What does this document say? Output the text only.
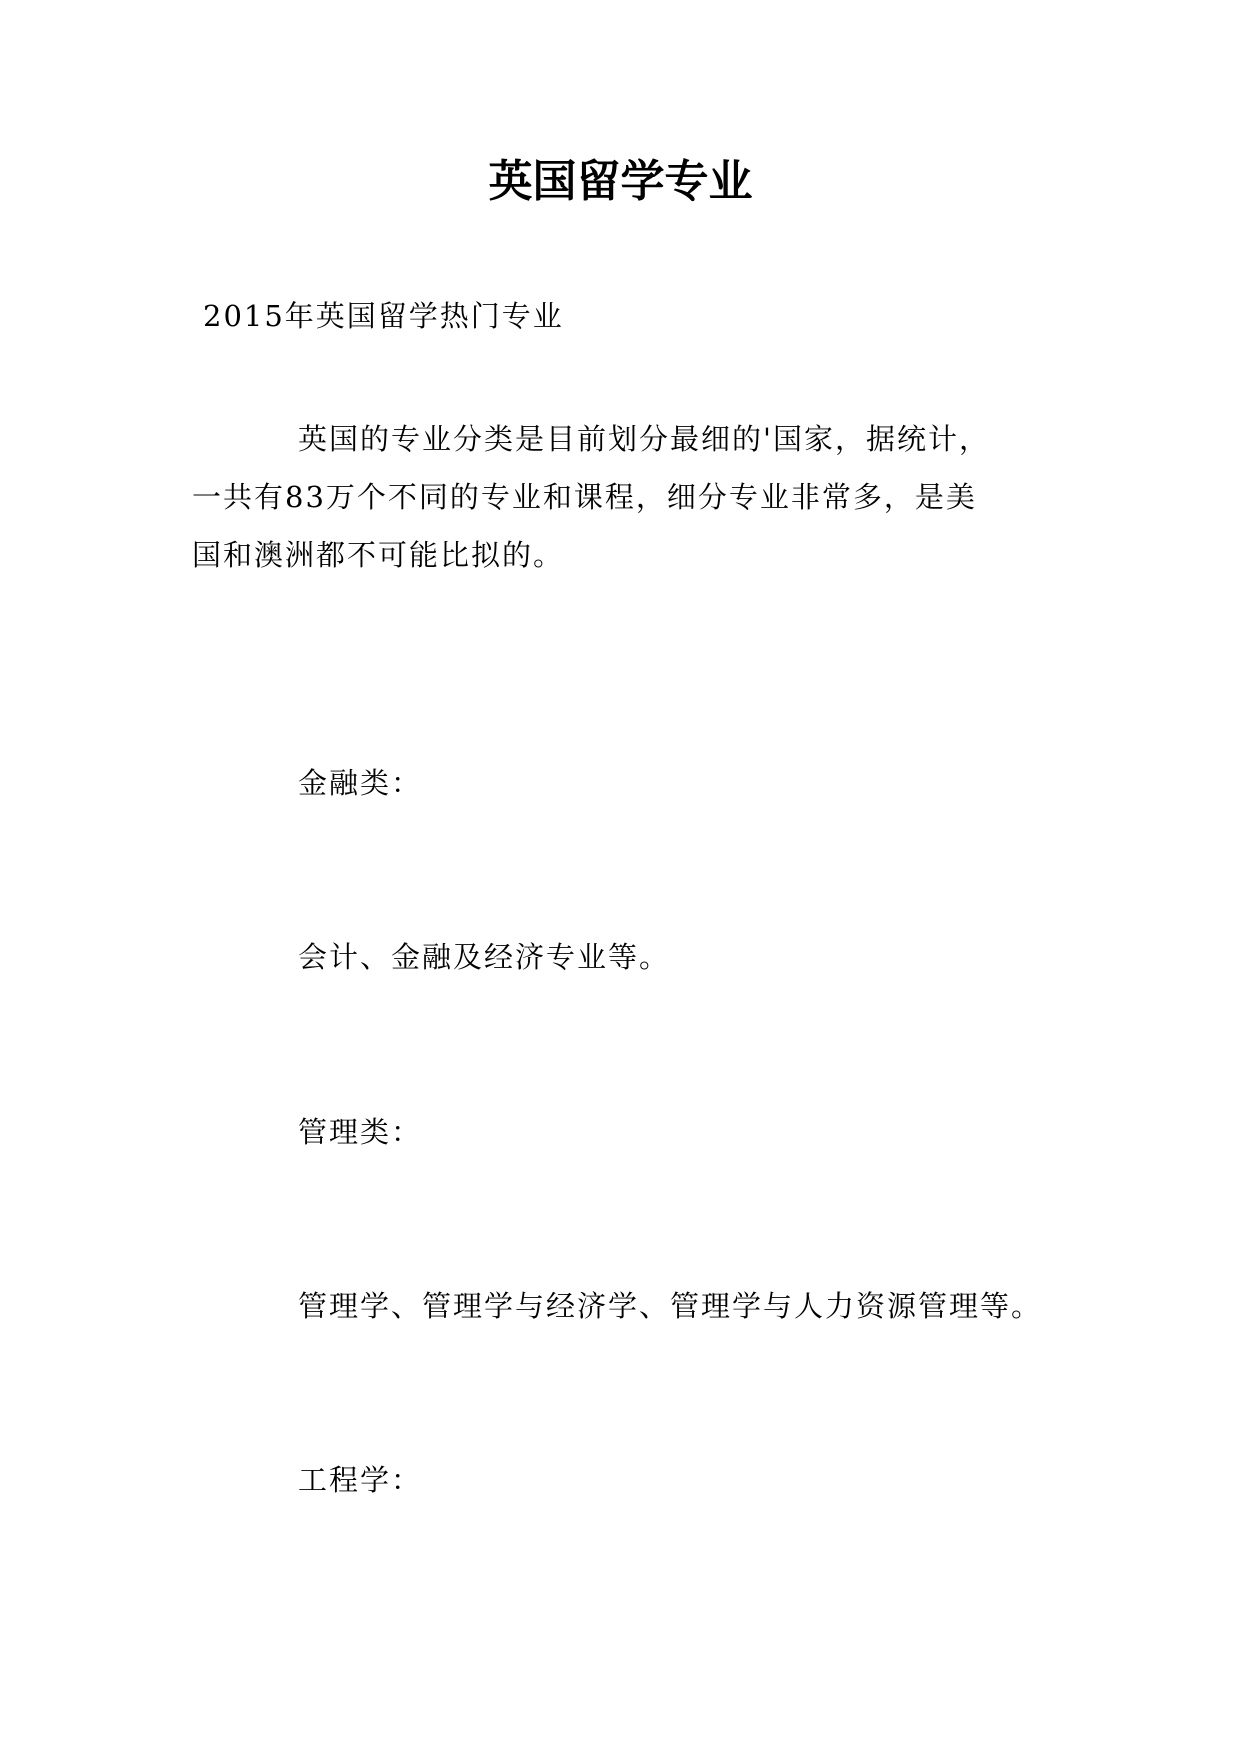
英国留学专业

2015年英国留学热门专业

英国的专业分类是目前划分最细的'国家，据统计，
一共有83万个不同的专业和课程，细分专业非常多，是美
国和澳洲都不可能比拟的。

金融类：

会计、金融及经济专业等。

管理类：

管理学、管理学与经济学、管理学与人力资源管理等。

工程学：
